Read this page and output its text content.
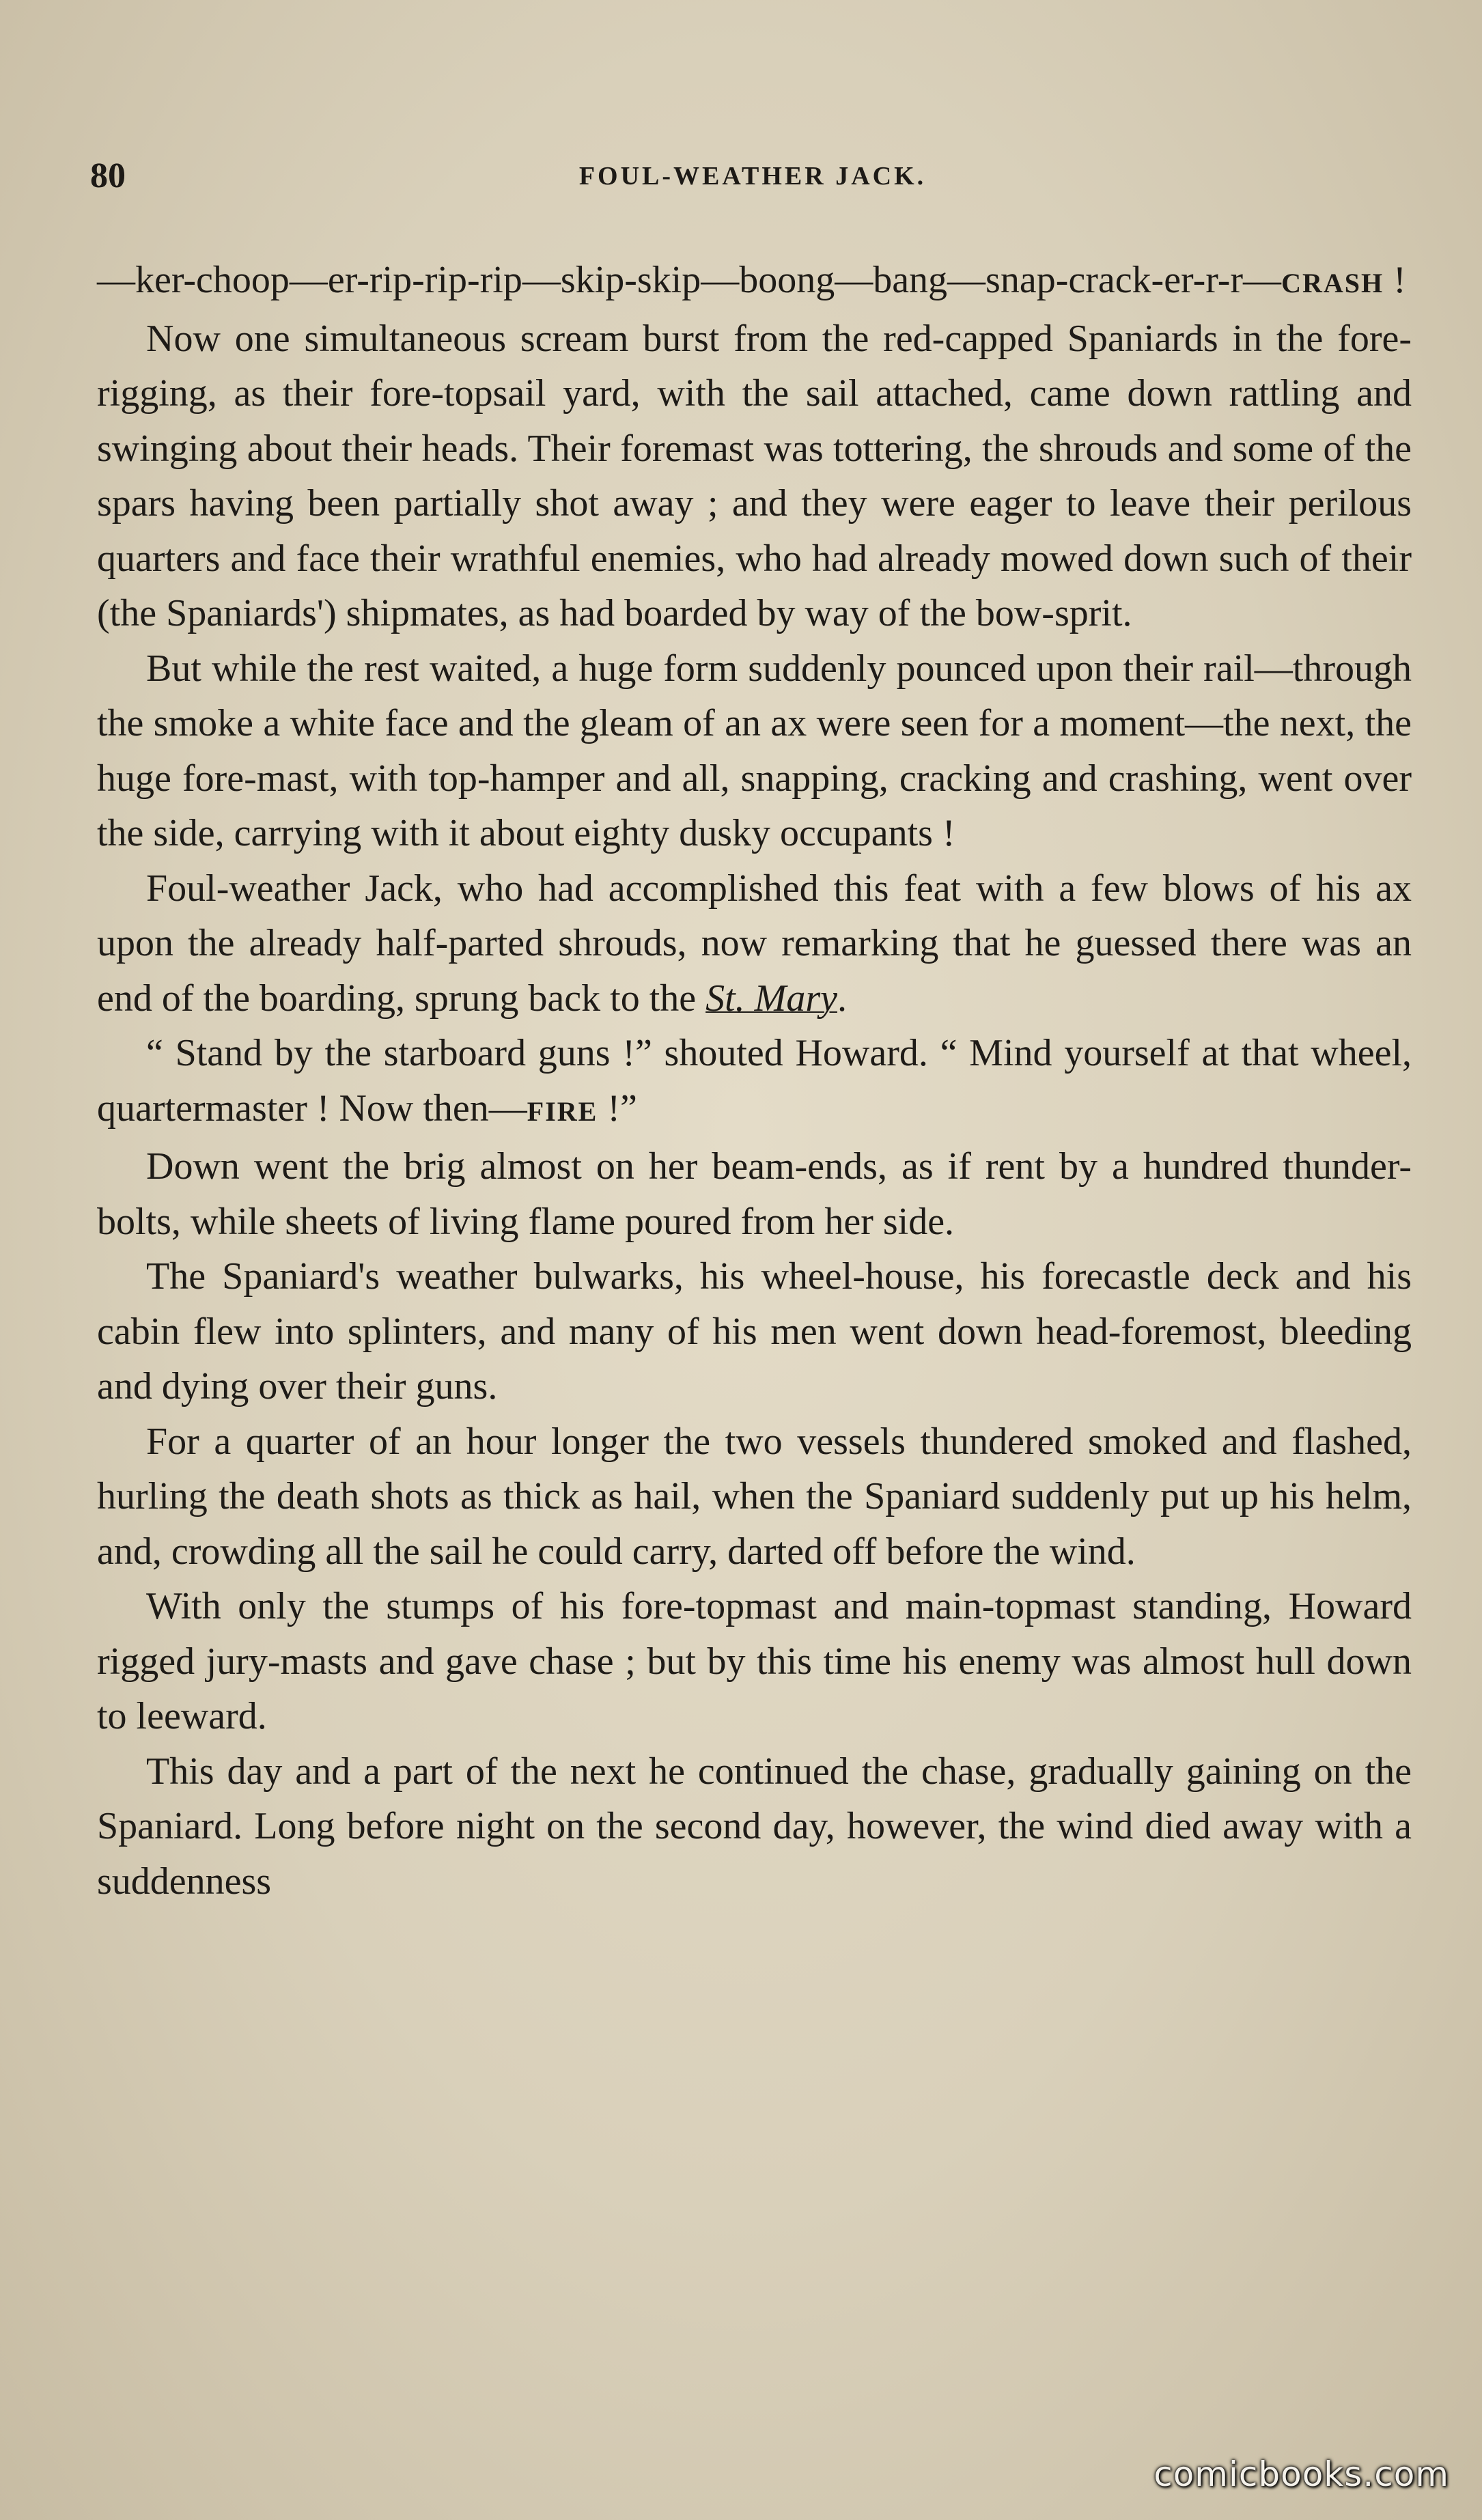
80	FOUL-WEATHER JACK.

—ker-choop—er-rip-rip-rip—skip-skip—boong—bang—snap-crack-er-r-r—CRASH !

Now one simultaneous scream burst from the red-capped Spaniards in the fore-rigging, as their fore-topsail yard, with the sail attached, came down rattling and swinging about their heads. Their foremast was tottering, the shrouds and some of the spars having been partially shot away ; and they were eager to leave their perilous quarters and face their wrathful enemies, who had already mowed down such of their (the Spaniards') shipmates, as had boarded by way of the bow-sprit.

But while the rest waited, a huge form suddenly pounced upon their rail—through the smoke a white face and the gleam of an ax were seen for a moment—the next, the huge fore-mast, with top-hamper and all, snapping, cracking and crashing, went over the side, carrying with it about eighty dusky occupants !

Foul-weather Jack, who had accomplished this feat with a few blows of his ax upon the already half-parted shrouds, now remarking that he guessed there was an end of the boarding, sprung back to the St. Mary.

“ Stand by the starboard guns !” shouted Howard. “ Mind yourself at that wheel, quartermaster ! Now then—FIRE !”

Down went the brig almost on her beam-ends, as if rent by a hundred thunder-bolts, while sheets of living flame poured from her side.

The Spaniard's weather bulwarks, his wheel-house, his forecastle deck and his cabin flew into splinters, and many of his men went down head-foremost, bleeding and dying over their guns.

For a quarter of an hour longer the two vessels thundered smoked and flashed, hurling the death shots as thick as hail, when the Spaniard suddenly put up his helm, and, crowding all the sail he could carry, darted off before the wind.

With only the stumps of his fore-topmast and main-topmast standing, Howard rigged jury-masts and gave chase ; but by this time his enemy was almost hull down to leeward.

This day and a part of the next he continued the chase, gradually gaining on the Spaniard. Long before night on the second day, however, the wind died away with a suddenness

comicbooks.com
